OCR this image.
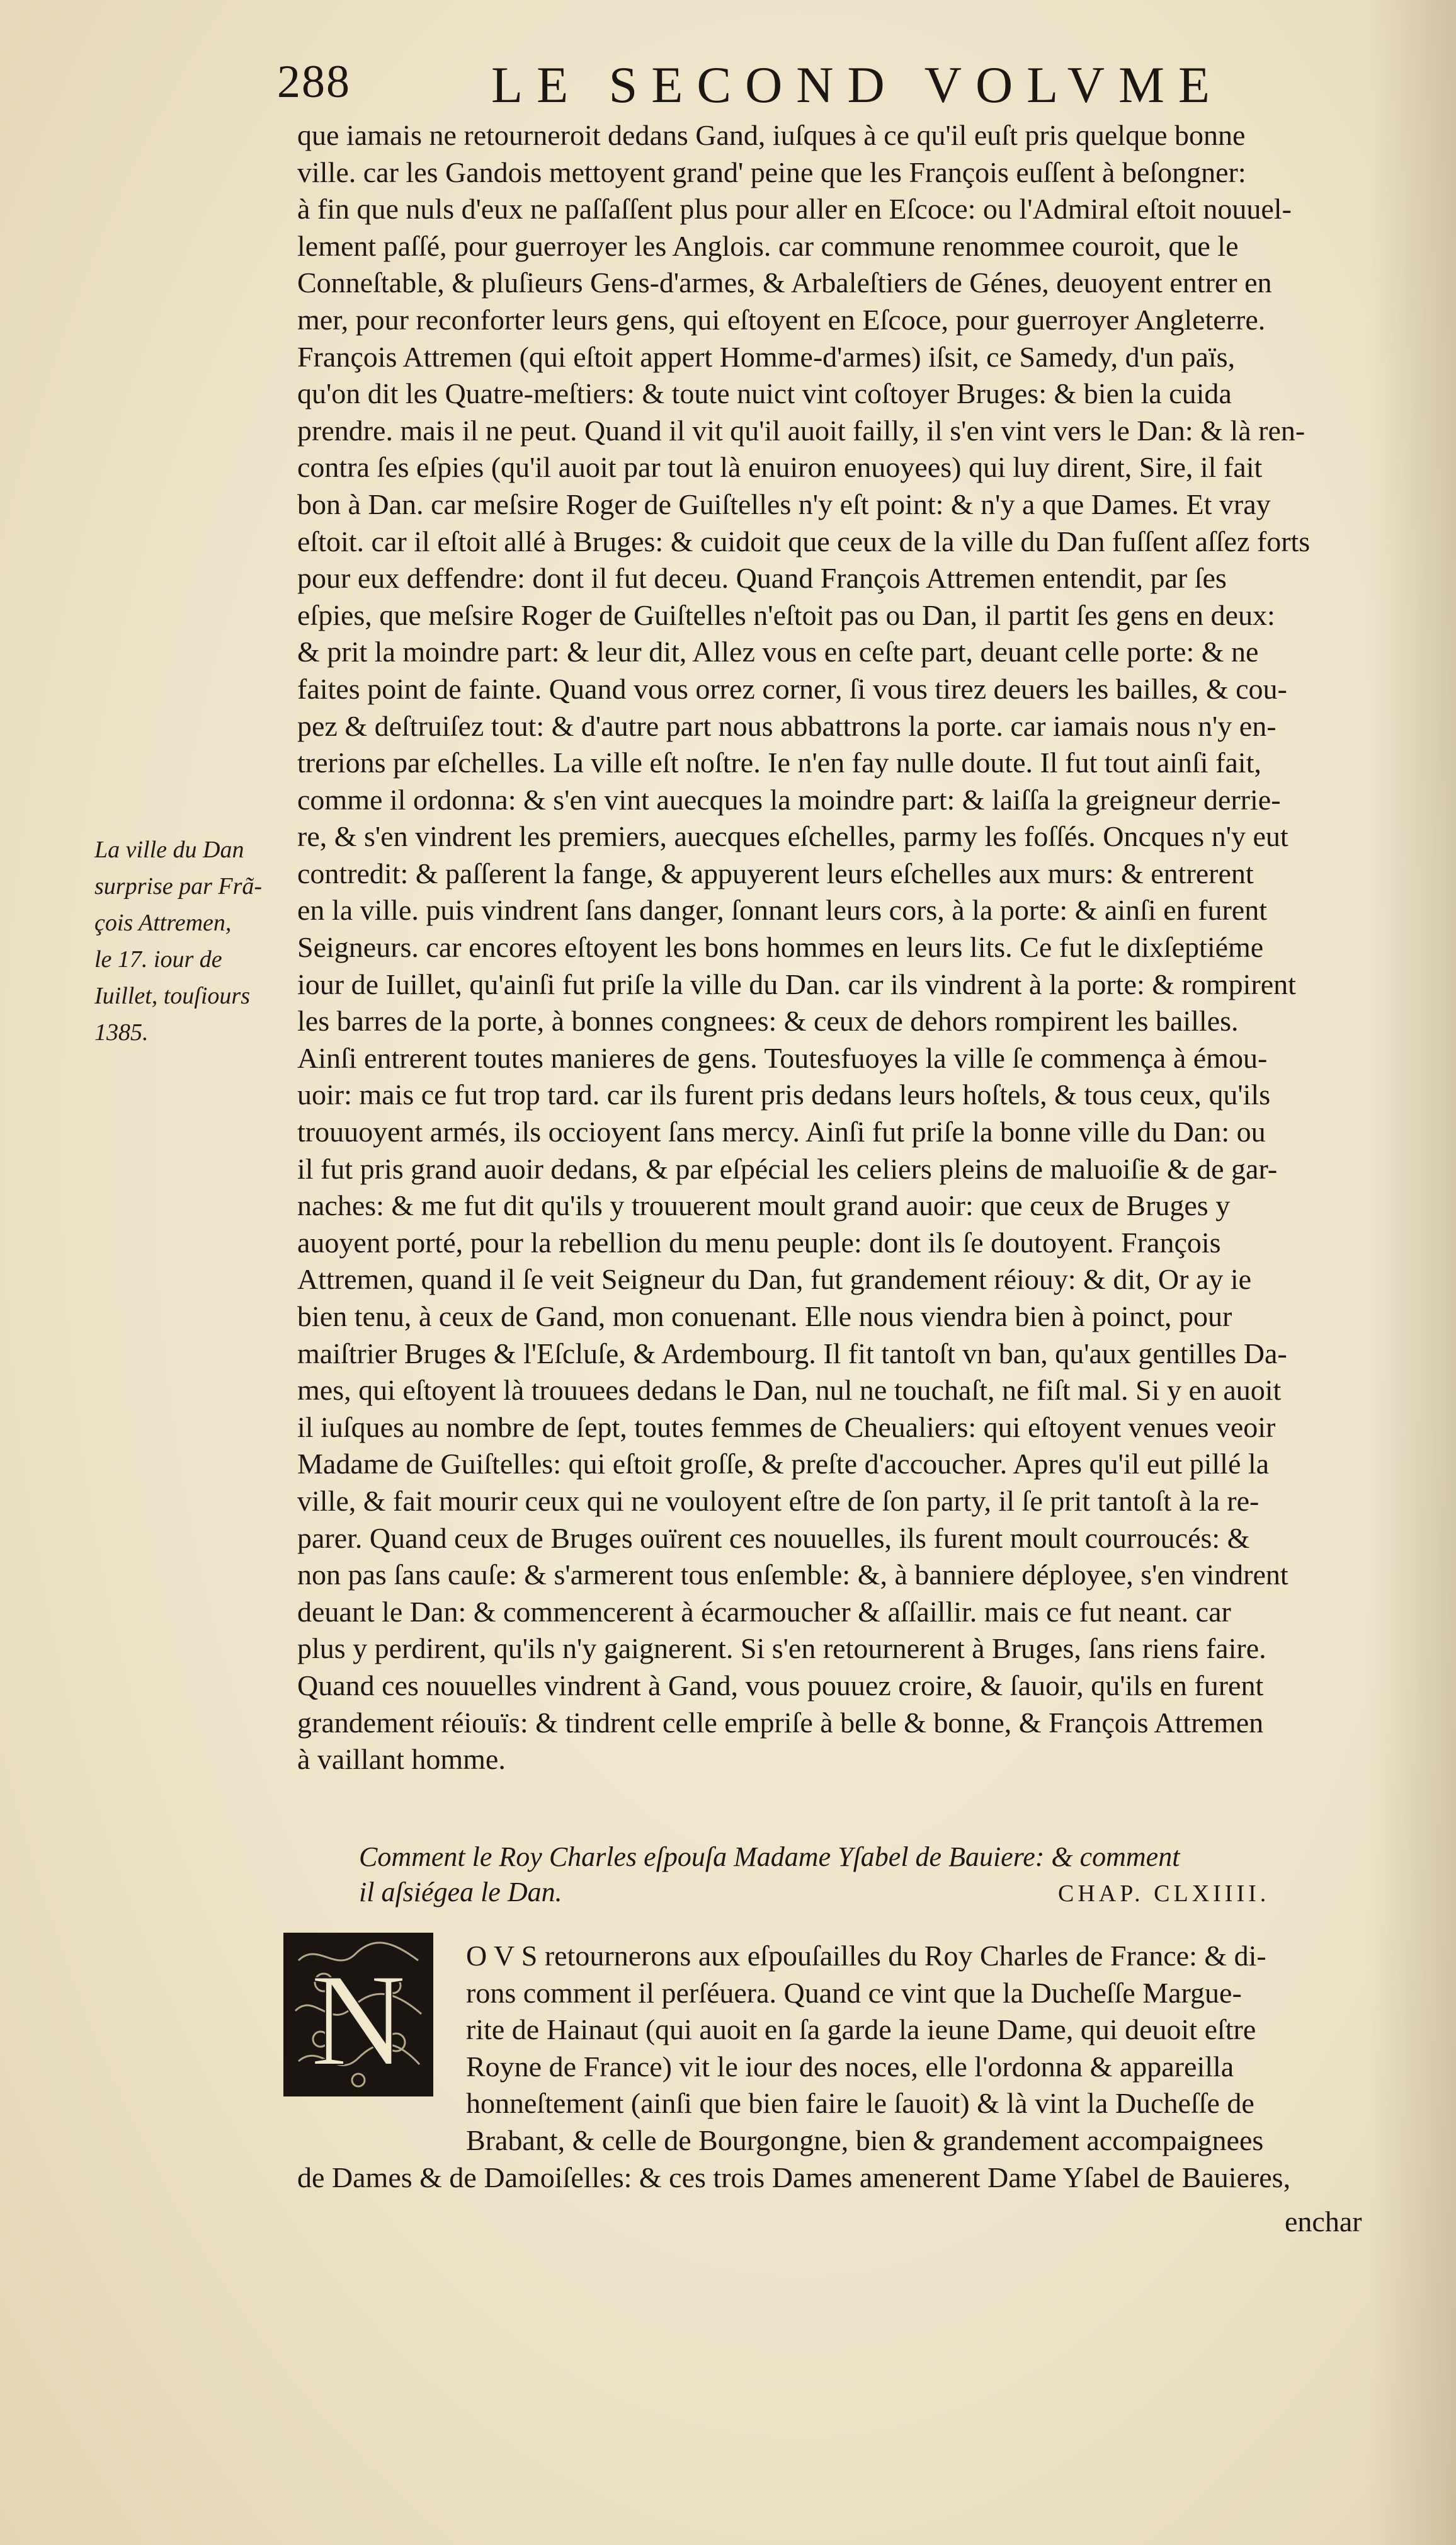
288	LE SECOND VOLVME
La ville du Dan
surprise par Frã-
çois Attremen,
le 17. iour de
Iuillet, touſiours
1385.
que iamais ne retourneroit dedans Gand, iuſques à ce qu'il euſt pris quelque bonne
ville. car les Gandois mettoyent grand' peine que les François euſſent à beſongner:
à fin que nuls d'eux ne paſſaſſent plus pour aller en Eſcoce: ou l'Admiral eſtoit nouuel-
lement paſſé, pour guerroyer les Anglois. car commune renommee couroit, que le
Conneſtable, & pluſieurs Gens-d'armes, & Arbaleſtiers de Génes, deuoyent entrer en
mer, pour reconforter leurs gens, qui eſtoyent en Eſcoce, pour guerroyer Angleterre.
François Attremen (qui eſtoit appert Homme-d'armes) iſsit, ce Samedy, d'un païs,
qu'on dit les Quatre-meſtiers: & toute nuict vint coſtoyer Bruges: & bien la cuida
prendre. mais il ne peut. Quand il vit qu'il auoit failly, il s'en vint vers le Dan: & là ren-
contra ſes eſpies (qu'il auoit par tout là enuiron enuoyees) qui luy dirent, Sire, il fait
bon à Dan. car meſsire Roger de Guiſtelles n'y eſt point: & n'y a que Dames. Et vray
eſtoit. car il eſtoit allé à Bruges: & cuidoit que ceux de la ville du Dan fuſſent aſſez forts
pour eux deffendre: dont il fut deceu. Quand François Attremen entendit, par ſes
eſpies, que meſsire Roger de Guiſtelles n'eſtoit pas ou Dan, il partit ſes gens en deux:
& prit la moindre part: & leur dit, Allez vous en ceſte part, deuant celle porte: & ne
faites point de fainte. Quand vous orrez corner, ſi vous tirez deuers les bailles, & cou-
pez & deſtruiſez tout: & d'autre part nous abbattrons la porte. car iamais nous n'y en-
trerions par eſchelles. La ville eſt noſtre. Ie n'en fay nulle doute. Il fut tout ainſi fait,
comme il ordonna: & s'en vint auecques la moindre part: & laiſſa la greigneur derrie-
re, & s'en vindrent les premiers, auecques eſchelles, parmy les foſſés. Oncques n'y eut
contredit: & paſſerent la fange, & appuyerent leurs eſchelles aux murs: & entrerent
en la ville. puis vindrent ſans danger, ſonnant leurs cors, à la porte: & ainſi en furent
Seigneurs. car encores eſtoyent les bons hommes en leurs lits. Ce fut le dixſeptiéme
iour de Iuillet, qu'ainſi fut priſe la ville du Dan. car ils vindrent à la porte: & rompirent
les barres de la porte, à bonnes congnees: & ceux de dehors rompirent les bailles.
Ainſi entrerent toutes manieres de gens. Toutesfuoyes la ville ſe commença à émou-
uoir: mais ce fut trop tard. car ils furent pris dedans leurs hoſtels, & tous ceux, qu'ils
trouuoyent armés, ils occioyent ſans mercy. Ainſi fut priſe la bonne ville du Dan: ou
il fut pris grand auoir dedans, & par eſpécial les celiers pleins de maluoiſie & de gar-
naches: & me fut dit qu'ils y trouuerent moult grand auoir: que ceux de Bruges y
auoyent porté, pour la rebellion du menu peuple: dont ils ſe doutoyent. François
Attremen, quand il ſe veit Seigneur du Dan, fut grandement réiouy: & dit, Or ay ie
bien tenu, à ceux de Gand, mon conuenant. Elle nous viendra bien à poinct, pour
maiſtrier Bruges & l'Eſcluſe, & Ardembourg. Il fit tantoſt vn ban, qu'aux gentilles Da-
mes, qui eſtoyent là trouuees dedans le Dan, nul ne touchaſt, ne fiſt mal. Si y en auoit
il iuſques au nombre de ſept, toutes femmes de Cheualiers: qui eſtoyent venues veoir
Madame de Guiſtelles: qui eſtoit groſſe, & preſte d'accoucher. Apres qu'il eut pillé la
ville, & fait mourir ceux qui ne vouloyent eſtre de ſon party, il ſe prit tantoſt à la re-
parer. Quand ceux de Bruges ouïrent ces nouuelles, ils furent moult courroucés: &
non pas ſans cauſe: & s'armerent tous enſemble: &, à banniere déployee, s'en vindrent
deuant le Dan: & commencerent à écarmoucher & aſſaillir. mais ce fut neant. car
plus y perdirent, qu'ils n'y gaignerent. Si s'en retournerent à Bruges, ſans riens faire.
Quand ces nouuelles vindrent à Gand, vous pouuez croire, & ſauoir, qu'ils en furent
grandement réiouïs: & tindrent celle empriſe à belle & bonne, & François Attremen
à vaillant homme.
Comment le Roy Charles eſpouſa Madame Yſabel de Bauiere: & comment
il aſsiégea le Dan.	CHAP. CLXIIII.
N	O V S retournerons aux eſpouſailles du Roy Charles de France: & di-
rons comment il perſéuera. Quand ce vint que la Ducheſſe Margue-
rite de Hainaut (qui auoit en ſa garde la ieune Dame, qui deuoit eſtre
Royne de France) vit le iour des noces, elle l'ordonna & appareilla
honneſtement (ainſi que bien faire le ſauoit) & là vint la Ducheſſe de
Brabant, & celle de Bourgongne, bien & grandement accompaignees
de Dames & de Damoiſelles: & ces trois Dames amenerent Dame Yſabel de Bauieres,
enchar
